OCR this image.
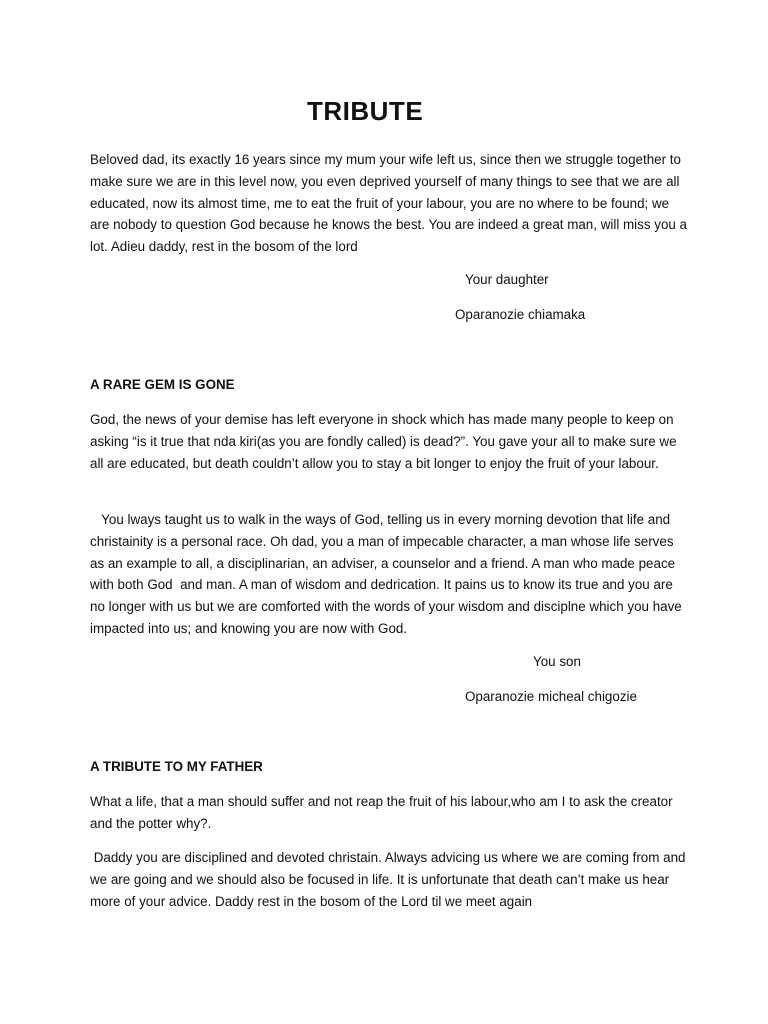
TRIBUTE

Beloved dad, its exactly 16 years since my mum your wife left us, since then we struggle together to make sure we are in this level now, you even deprived yourself of many things to see that we are all educated, now its almost time, me to eat the fruit of your labour, you are no where to be found; we are nobody to question God because he knows the best. You are indeed a great man, will miss you a lot. Adieu daddy, rest in the bosom of the lord

Your daughter

Oparanozie chiamaka

A RARE GEM IS GONE

God, the news of your demise has left everyone in shock which has made many people to keep on asking “is it true that nda kiri(as you are fondly called) is dead?”. You gave your all to make sure we all are educated, but death couldn’t allow you to stay a bit longer to enjoy the fruit of your labour.

You lways taught us to walk in the ways of God, telling us in every morning devotion that life and christainity is a personal race. Oh dad, you a man of impecable character, a man whose life serves as an example to all, a disciplinarian, an adviser, a counselor and a friend. A man who made peace with both God  and man. A man of wisdom and dedrication. It pains us to know its true and you are no longer with us but we are comforted with the words of your wisdom and disciplne which you have impacted into us; and knowing you are now with God.

You son

Oparanozie micheal chigozie

A TRIBUTE TO MY FATHER

What a life, that a man should suffer and not reap the fruit of his labour,who am I to ask the creator and the potter why?.

Daddy you are disciplined and devoted christain. Always advicing us where we are coming from and we are going and we should also be focused in life. It is unfortunate that death can’t make us hear more of your advice. Daddy rest in the bosom of the Lord til we meet again
